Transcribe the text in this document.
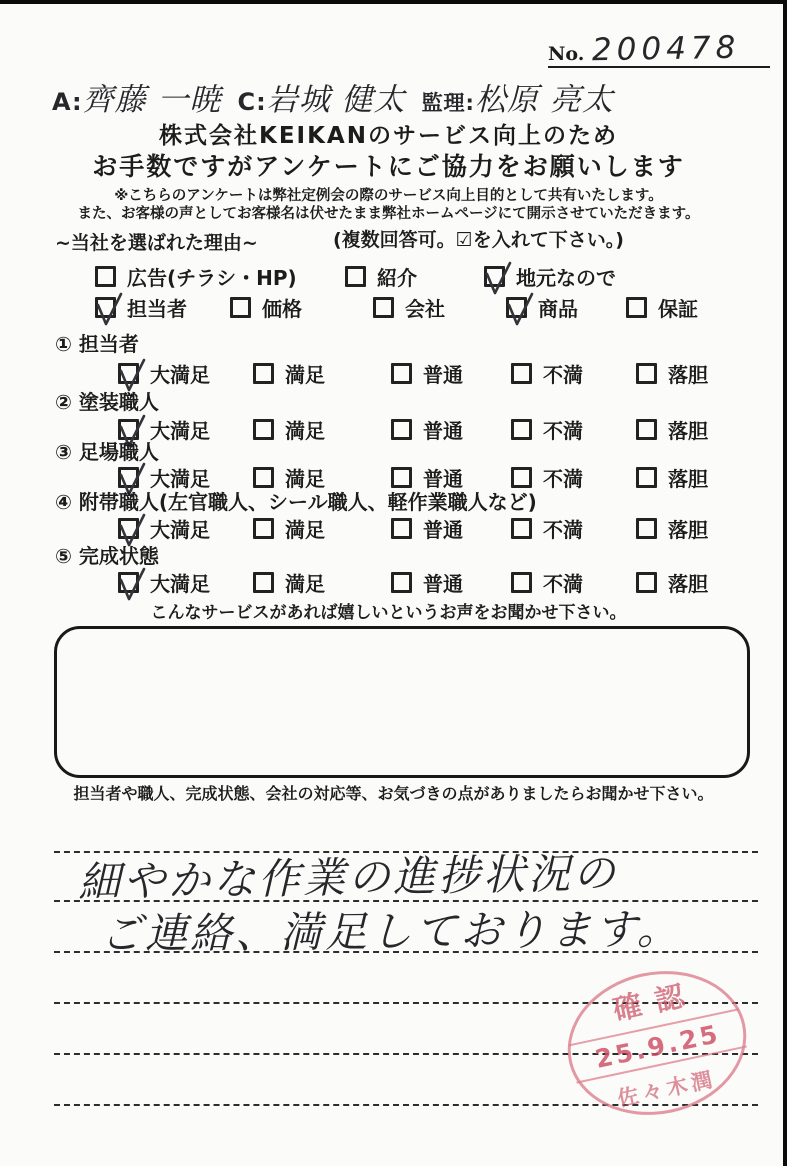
No. 200478
A:齊藤 一暁 C:岩城 健太 監理:松原 亮太
株式会社KEIKANのサービス向上のため
お手数ですがアンケートにご協力をお願いします
※こちらのアンケートは弊社定例会の際のサービス向上目的として共有いたします。
また、お客様の声としてお客様名は伏せたまま弊社ホームページにて開示させていただきます。
~当社を選ばれた理由~	(複数回答可。☑を入れて下さい。)
広告(チラシ・HP)	紹介	地元なので
担当者	価格	会社	商品	保証
① 担当者
大満足	満足	普通	不満	落胆
② 塗装職人
大満足	満足	普通	不満	落胆
③ 足場職人
大満足	満足	普通	不満	落胆
④ 附帯職人(左官職人、シール職人、軽作業職人など)
大満足	満足	普通	不満	落胆
⑤ 完成状態
大満足	満足	普通	不満	落胆
こんなサービスがあれば嬉しいというお声をお聞かせ下さい。
担当者や職人、完成状態、会社の対応等、お気づきの点がありましたらお聞かせ下さい。
細やかな作業の進捗状況の
ご連絡、満足しております。
確認
25.9.25
佐々木潤
